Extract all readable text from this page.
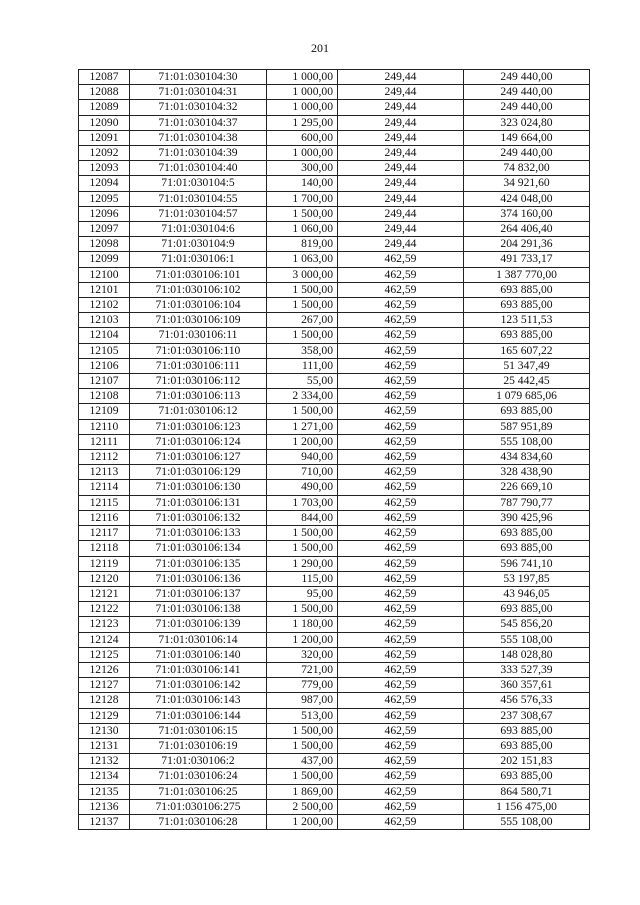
201
12087	71:01:030104:30	1 000,00	249,44	249 440,00
12088	71:01:030104:31	1 000,00	249,44	249 440,00
12089	71:01:030104:32	1 000,00	249,44	249 440,00
12090	71:01:030104:37	1 295,00	249,44	323 024,80
12091	71:01:030104:38	600,00	249,44	149 664,00
12092	71:01:030104:39	1 000,00	249,44	249 440,00
12093	71:01:030104:40	300,00	249,44	74 832,00
12094	71:01:030104:5	140,00	249,44	34 921,60
12095	71:01:030104:55	1 700,00	249,44	424 048,00
12096	71:01:030104:57	1 500,00	249,44	374 160,00
12097	71:01:030104:6	1 060,00	249,44	264 406,40
12098	71:01:030104:9	819,00	249,44	204 291,36
12099	71:01:030106:1	1 063,00	462,59	491 733,17
12100	71:01:030106:101	3 000,00	462,59	1 387 770,00
12101	71:01:030106:102	1 500,00	462,59	693 885,00
12102	71:01:030106:104	1 500,00	462,59	693 885,00
12103	71:01:030106:109	267,00	462,59	123 511,53
12104	71:01:030106:11	1 500,00	462,59	693 885,00
12105	71:01:030106:110	358,00	462,59	165 607,22
12106	71:01:030106:111	111,00	462,59	51 347,49
12107	71:01:030106:112	55,00	462,59	25 442,45
12108	71:01:030106:113	2 334,00	462,59	1 079 685,06
12109	71:01:030106:12	1 500,00	462,59	693 885,00
12110	71:01:030106:123	1 271,00	462,59	587 951,89
12111	71:01:030106:124	1 200,00	462,59	555 108,00
12112	71:01:030106:127	940,00	462,59	434 834,60
12113	71:01:030106:129	710,00	462,59	328 438,90
12114	71:01:030106:130	490,00	462,59	226 669,10
12115	71:01:030106:131	1 703,00	462,59	787 790,77
12116	71:01:030106:132	844,00	462,59	390 425,96
12117	71:01:030106:133	1 500,00	462,59	693 885,00
12118	71:01:030106:134	1 500,00	462,59	693 885,00
12119	71:01:030106:135	1 290,00	462,59	596 741,10
12120	71:01:030106:136	115,00	462,59	53 197,85
12121	71:01:030106:137	95,00	462,59	43 946,05
12122	71:01:030106:138	1 500,00	462,59	693 885,00
12123	71:01:030106:139	1 180,00	462,59	545 856,20
12124	71:01:030106:14	1 200,00	462,59	555 108,00
12125	71:01:030106:140	320,00	462,59	148 028,80
12126	71:01:030106:141	721,00	462,59	333 527,39
12127	71:01:030106:142	779,00	462,59	360 357,61
12128	71:01:030106:143	987,00	462,59	456 576,33
12129	71:01:030106:144	513,00	462,59	237 308,67
12130	71:01:030106:15	1 500,00	462,59	693 885,00
12131	71:01:030106:19	1 500,00	462,59	693 885,00
12132	71:01:030106:2	437,00	462,59	202 151,83
12134	71:01:030106:24	1 500,00	462,59	693 885,00
12135	71:01:030106:25	1 869,00	462,59	864 580,71
12136	71:01:030106:275	2 500,00	462,59	1 156 475,00
12137	71:01:030106:28	1 200,00	462,59	555 108,00
